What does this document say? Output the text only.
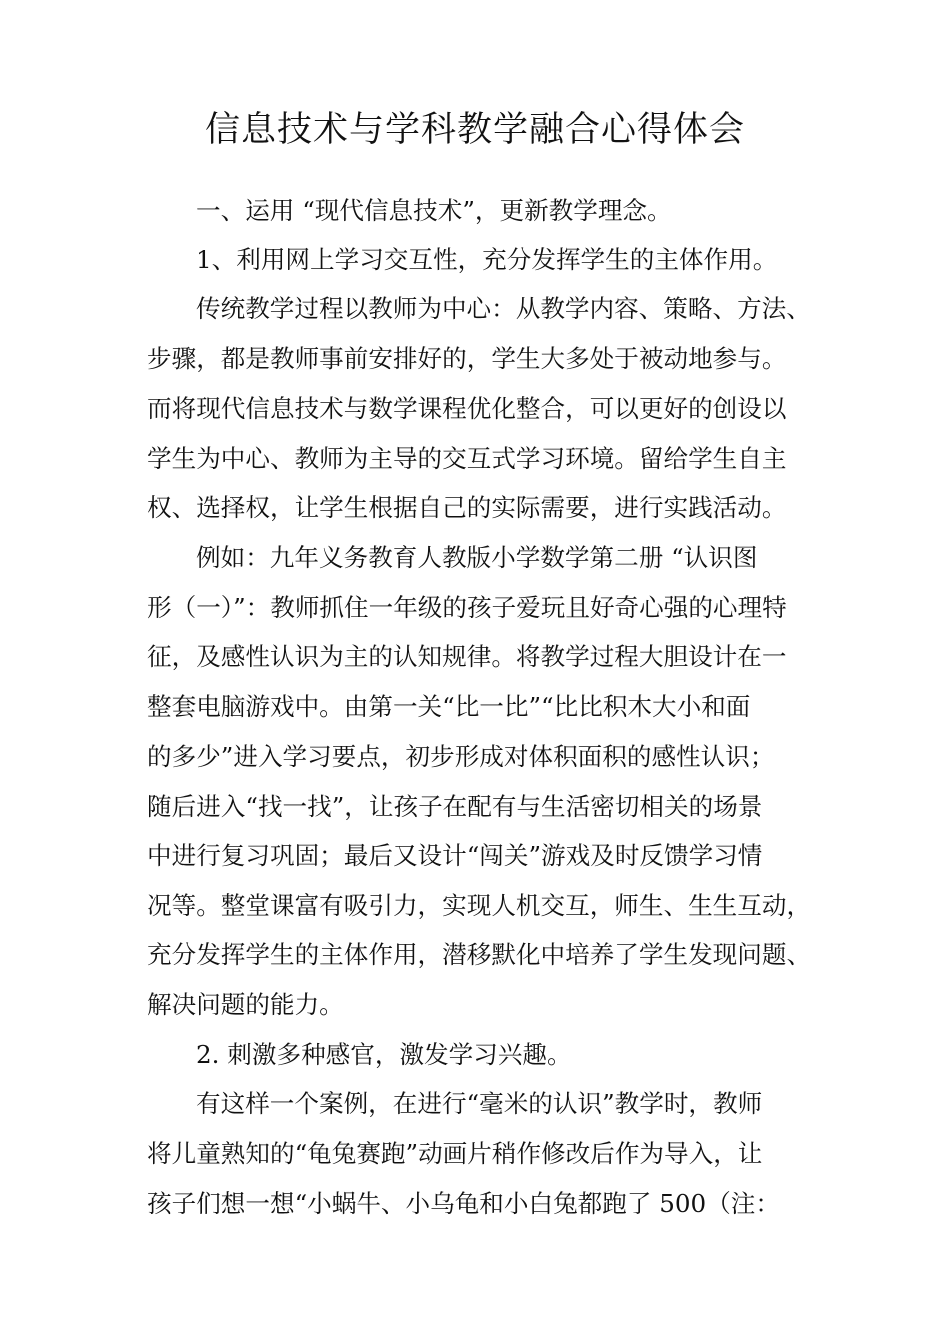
信息技术与学科教学融合心得体会

一、运用 “现代信息技术”，更新教学理念。

1、利用网上学习交互性，充分发挥学生的主体作用。

传统教学过程以教师为中心：从教学内容、策略、方法、

步骤，都是教师事前安排好的，学生大多处于被动地参与。

而将现代信息技术与数学课程优化整合，可以更好的创设以

学生为中心、教师为主导的交互式学习环境。留给学生自主

权、选择权，让学生根据自己的实际需要，进行实践活动。

例如：九年义务教育人教版小学数学第二册 “认识图

形（一）”：教师抓住一年级的孩子爱玩且好奇心强的心理特

征，及感性认识为主的认知规律。将教学过程大胆设计在一

整套电脑游戏中。由第一关“比一比”“比比积木大小和面

的多少”进入学习要点，初步形成对体积面积的感性认识；

随后进入“找一找”，让孩子在配有与生活密切相关的场景

中进行复习巩固；最后又设计“闯关”游戏及时反馈学习情

况等。整堂课富有吸引力，实现人机交互，师生、生生互动，

充分发挥学生的主体作用，潜移默化中培养了学生发现问题、

解决问题的能力。

2. 刺激多种感官，激发学习兴趣。

有这样一个案例，在进行“毫米的认识”教学时，教师

将儿童熟知的“龟兔赛跑”动画片稍作修改后作为导入，让

孩子们想一想“小蜗牛、小乌龟和小白兔都跑了 500（注：
